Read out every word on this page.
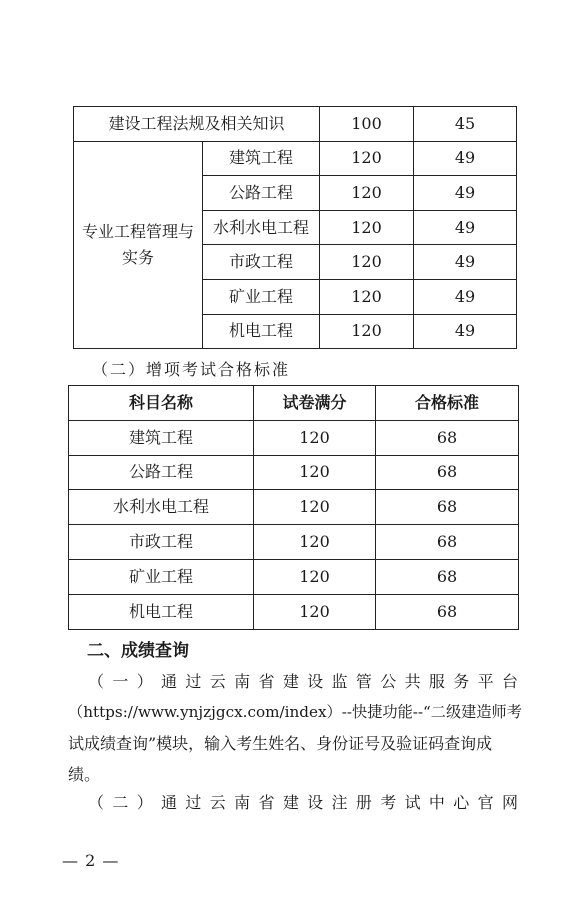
建设工程法规及相关知识		100	45
专业工程管理与实务	建筑工程	120	49
	公路工程	120	49
	水利水电工程	120	49
	市政工程	120	49
	矿业工程	120	49
	机电工程	120	49
（二）增项考试合格标准
科目名称	试卷满分	合格标准
建筑工程	120	68
公路工程	120	68
水利水电工程	120	68
市政工程	120	68
矿业工程	120	68
机电工程	120	68
二、成绩查询
（一）通过云南省建设监管公共服务平台
（https://www.ynjzjgcx.com/index）--快捷功能--“二级建造师考
试成绩查询”模块，输入考生姓名、身份证号及验证码查询成绩。
（二）通过云南省建设注册考试中心官网
— 2 —
